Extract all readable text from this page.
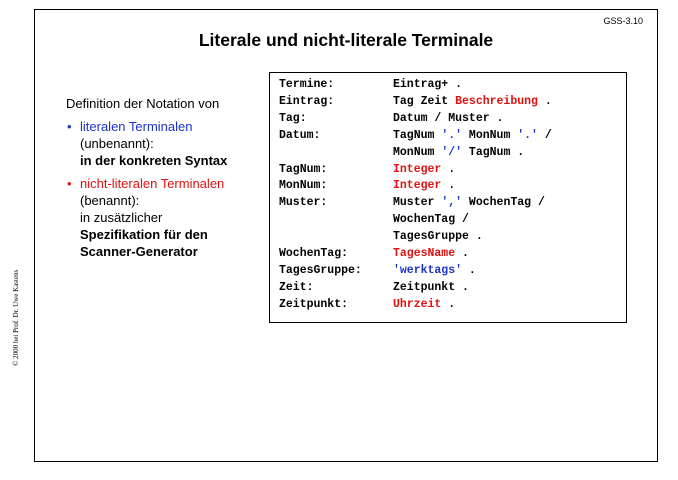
GSS-3.10
Literale und nicht-literale Terminale
© 2000 bei Prof. Dr. Uwe Kastens
Definition der Notation von
• literalen Terminalen
(unbenannt):
in der konkreten Syntax
• nicht-literalen Terminalen
(benannt):
in zusätzlicher
Spezifikation für den
Scanner-Generator
Termine:	Eintrag+ .
Eintrag:	Tag Zeit Beschreibung .
Tag:	Datum / Muster .
Datum:	TagNum '.' MonNum '.' /
MonNum '/' TagNum .
TagNum:	Integer .
MonNum:	Integer .
Muster:	Muster ',' WochenTag /
WochenTag /
TagesGruppe .
WochenTag:	TagesName .
TagesGruppe:	'werktags' .
Zeit:	Zeitpunkt .
Zeitpunkt:	Uhrzeit .
